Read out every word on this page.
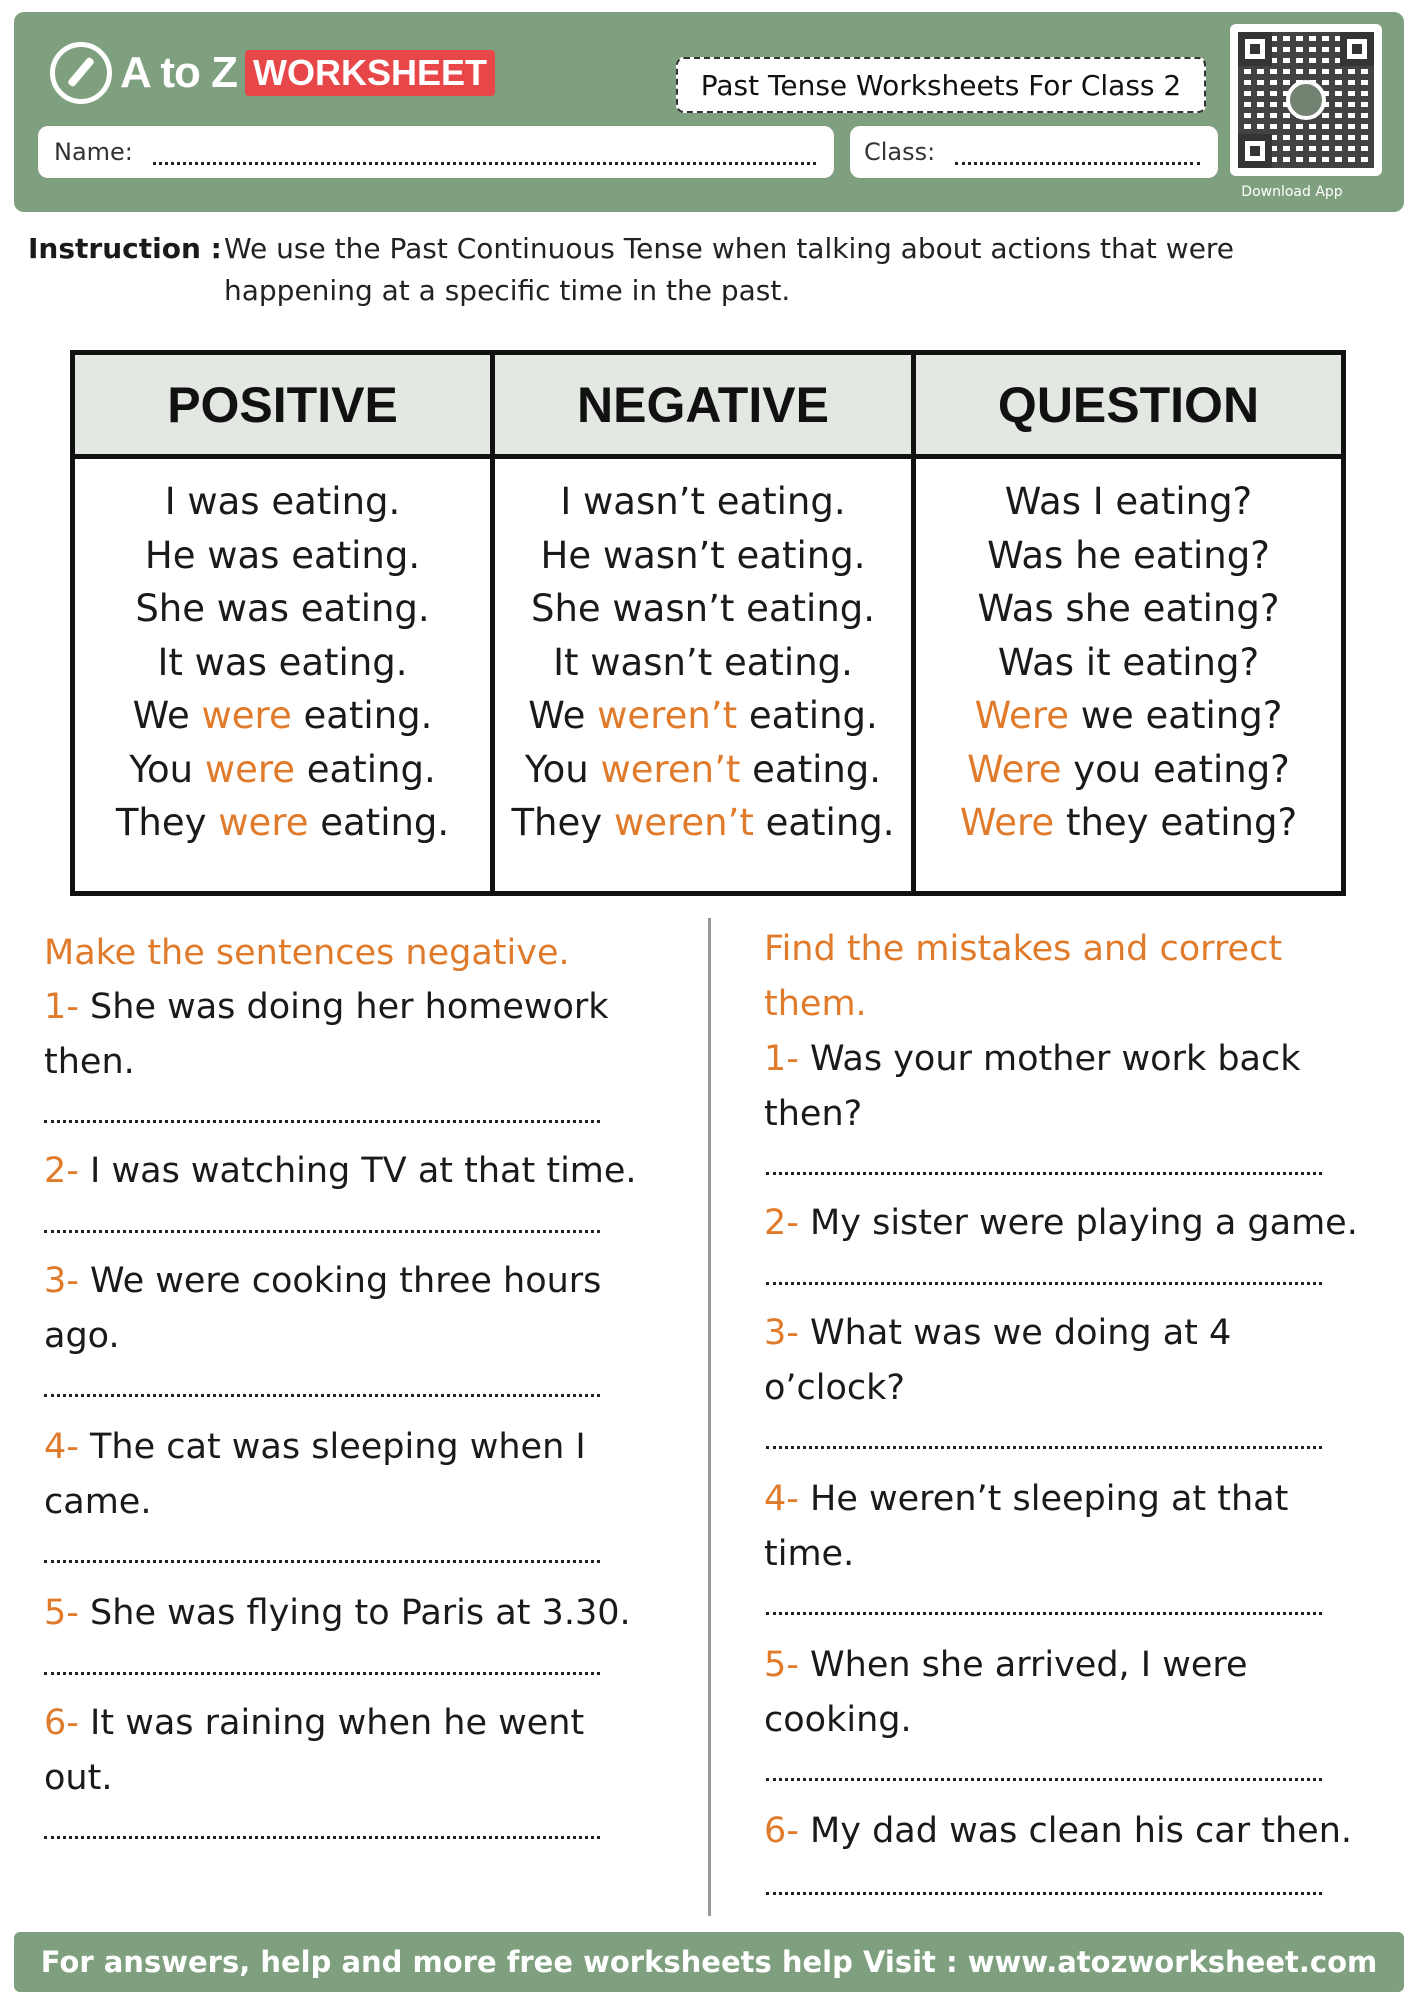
A to Z WORKSHEET	Past Tense Worksheets For Class 2
Name:	Class:
Download App
Instruction : We use the Past Continuous Tense when talking about actions that were happening at a specific time in the past.
POSITIVE
I was eating.
He was eating.
She was eating.
It was eating.
We were eating.
You were eating.
They were eating.
NEGATIVE
I wasn’t eating.
He wasn’t eating.
She wasn’t eating.
It wasn’t eating.
We weren’t eating.
You weren’t eating.
They weren’t eating.
QUESTION
Was I eating?
Was he eating?
Was she eating?
Was it eating?
Were we eating?
Were you eating?
Were they eating?
Make the sentences negative.
1- She was doing her homework then.
2- I was watching TV at that time.
3- We were cooking three hours ago.
4- The cat was sleeping when I came.
5- She was flying to Paris at 3.30.
6- It was raining when he went out.
Find the mistakes and correct them.
1- Was your mother work back then?
2- My sister were playing a game.
3- What was we doing at 4 o’clock?
4- He weren’t sleeping at that time.
5- When she arrived, I were cooking.
6- My dad was clean his car then.
For answers, help and more free worksheets help Visit : www.atozworksheet.com
